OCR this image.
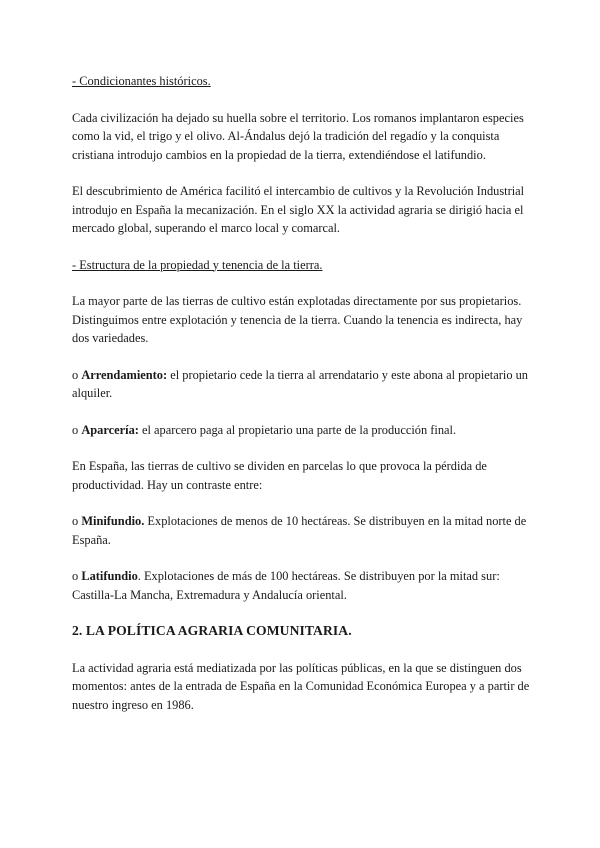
- Condicionantes históricos.

Cada civilización ha dejado su huella sobre el territorio. Los romanos implantaron especies como la vid, el trigo y el olivo. Al-Ándalus dejó la tradición del regadío y la conquista cristiana introdujo cambios en la propiedad de la tierra, extendiéndose el latifundio.

El descubrimiento de América facilitó el intercambio de cultivos y la Revolución Industrial introdujo en España la mecanización. En el siglo XX la actividad agraria se dirigió hacia el mercado global, superando el marco local y comarcal.

- Estructura de la propiedad y tenencia de la tierra.

La mayor parte de las tierras de cultivo están explotadas directamente por sus propietarios. Distinguimos entre explotación y tenencia de la tierra. Cuando la tenencia es indirecta, hay dos variedades.

o Arrendamiento: el propietario cede la tierra al arrendatario y este abona al propietario un alquiler.

o Aparcería: el aparcero paga al propietario una parte de la producción final.

En España, las tierras de cultivo se dividen en parcelas lo que provoca la pérdida de productividad. Hay un contraste entre:

o Minifundio. Explotaciones de menos de 10 hectáreas. Se distribuyen en la mitad norte de España.

o Latifundio. Explotaciones de más de 100 hectáreas. Se distribuyen por la mitad sur: Castilla-La Mancha, Extremadura y Andalucía oriental.

2. LA POLÍTICA AGRARIA COMUNITARIA.

La actividad agraria está mediatizada por las políticas públicas, en la que se distinguen dos momentos: antes de la entrada de España en la Comunidad Económica Europea y a partir de nuestro ingreso en 1986.
